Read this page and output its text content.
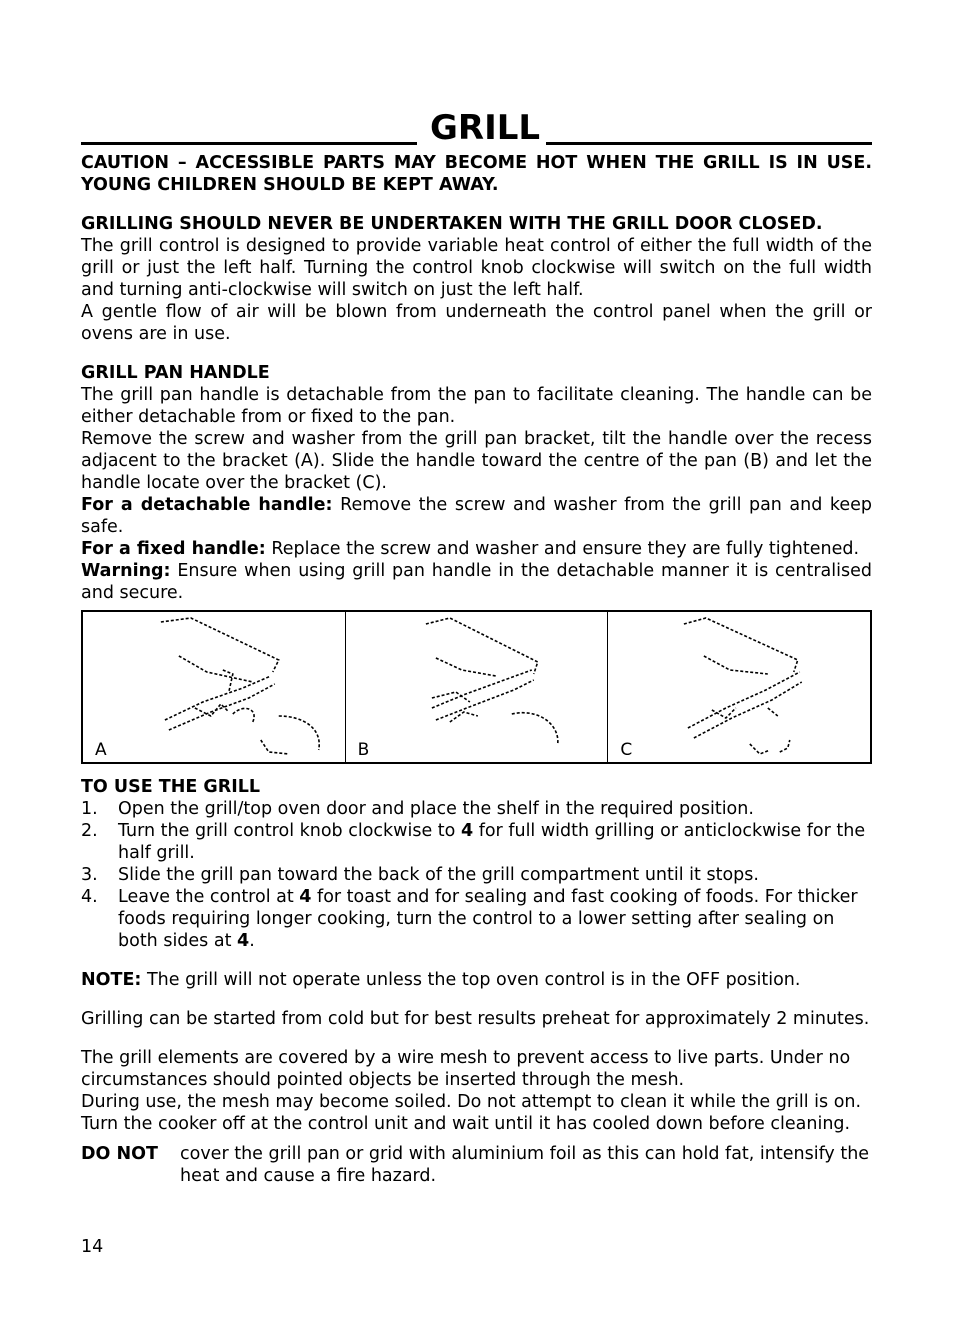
GRILL

CAUTION – ACCESSIBLE PARTS MAY BECOME HOT WHEN THE GRILL IS IN USE. YOUNG CHILDREN SHOULD BE KEPT AWAY.

GRILLING SHOULD NEVER BE UNDERTAKEN WITH THE GRILL DOOR CLOSED.

The grill control is designed to provide variable heat control of either the full width of the grill or just the left half. Turning the control knob clockwise will switch on the full width and turning anti-clockwise will switch on just the left half.

A gentle flow of air will be blown from underneath the control panel when the grill or ovens are in use.

GRILL PAN HANDLE

The grill pan handle is detachable from the pan to facilitate cleaning. The handle can be either detachable from or fixed to the pan.

Remove the screw and washer from the grill pan bracket, tilt the handle over the recess adjacent to the bracket (A). Slide the handle toward the centre of the pan (B) and let the handle locate over the bracket (C).

For a detachable handle: Remove the screw and washer from the grill pan and keep safe.

For a fixed handle: Replace the screw and washer and ensure they are fully tightened.

Warning: Ensure when using grill pan handle in the detachable manner it is centralised and secure.

A	B	C

TO USE THE GRILL

1. Open the grill/top oven door and place the shelf in the required position.
2. Turn the grill control knob clockwise to 4 for full width grilling or anticlockwise for the half grill.
3. Slide the grill pan toward the back of the grill compartment until it stops.
4. Leave the control at 4 for toast and for sealing and fast cooking of foods. For thicker foods requiring longer cooking, turn the control to a lower setting after sealing on both sides at 4.

NOTE: The grill will not operate unless the top oven control is in the OFF position.

Grilling can be started from cold but for best results preheat for approximately 2 minutes.

The grill elements are covered by a wire mesh to prevent access to live parts. Under no circumstances should pointed objects be inserted through the mesh.

During use, the mesh may become soiled. Do not attempt to clean it while the grill is on. Turn the cooker off at the control unit and wait until it has cooled down before cleaning.

DO NOT	cover the grill pan or grid with aluminium foil as this can hold fat, intensify the heat and cause a fire hazard.
14
